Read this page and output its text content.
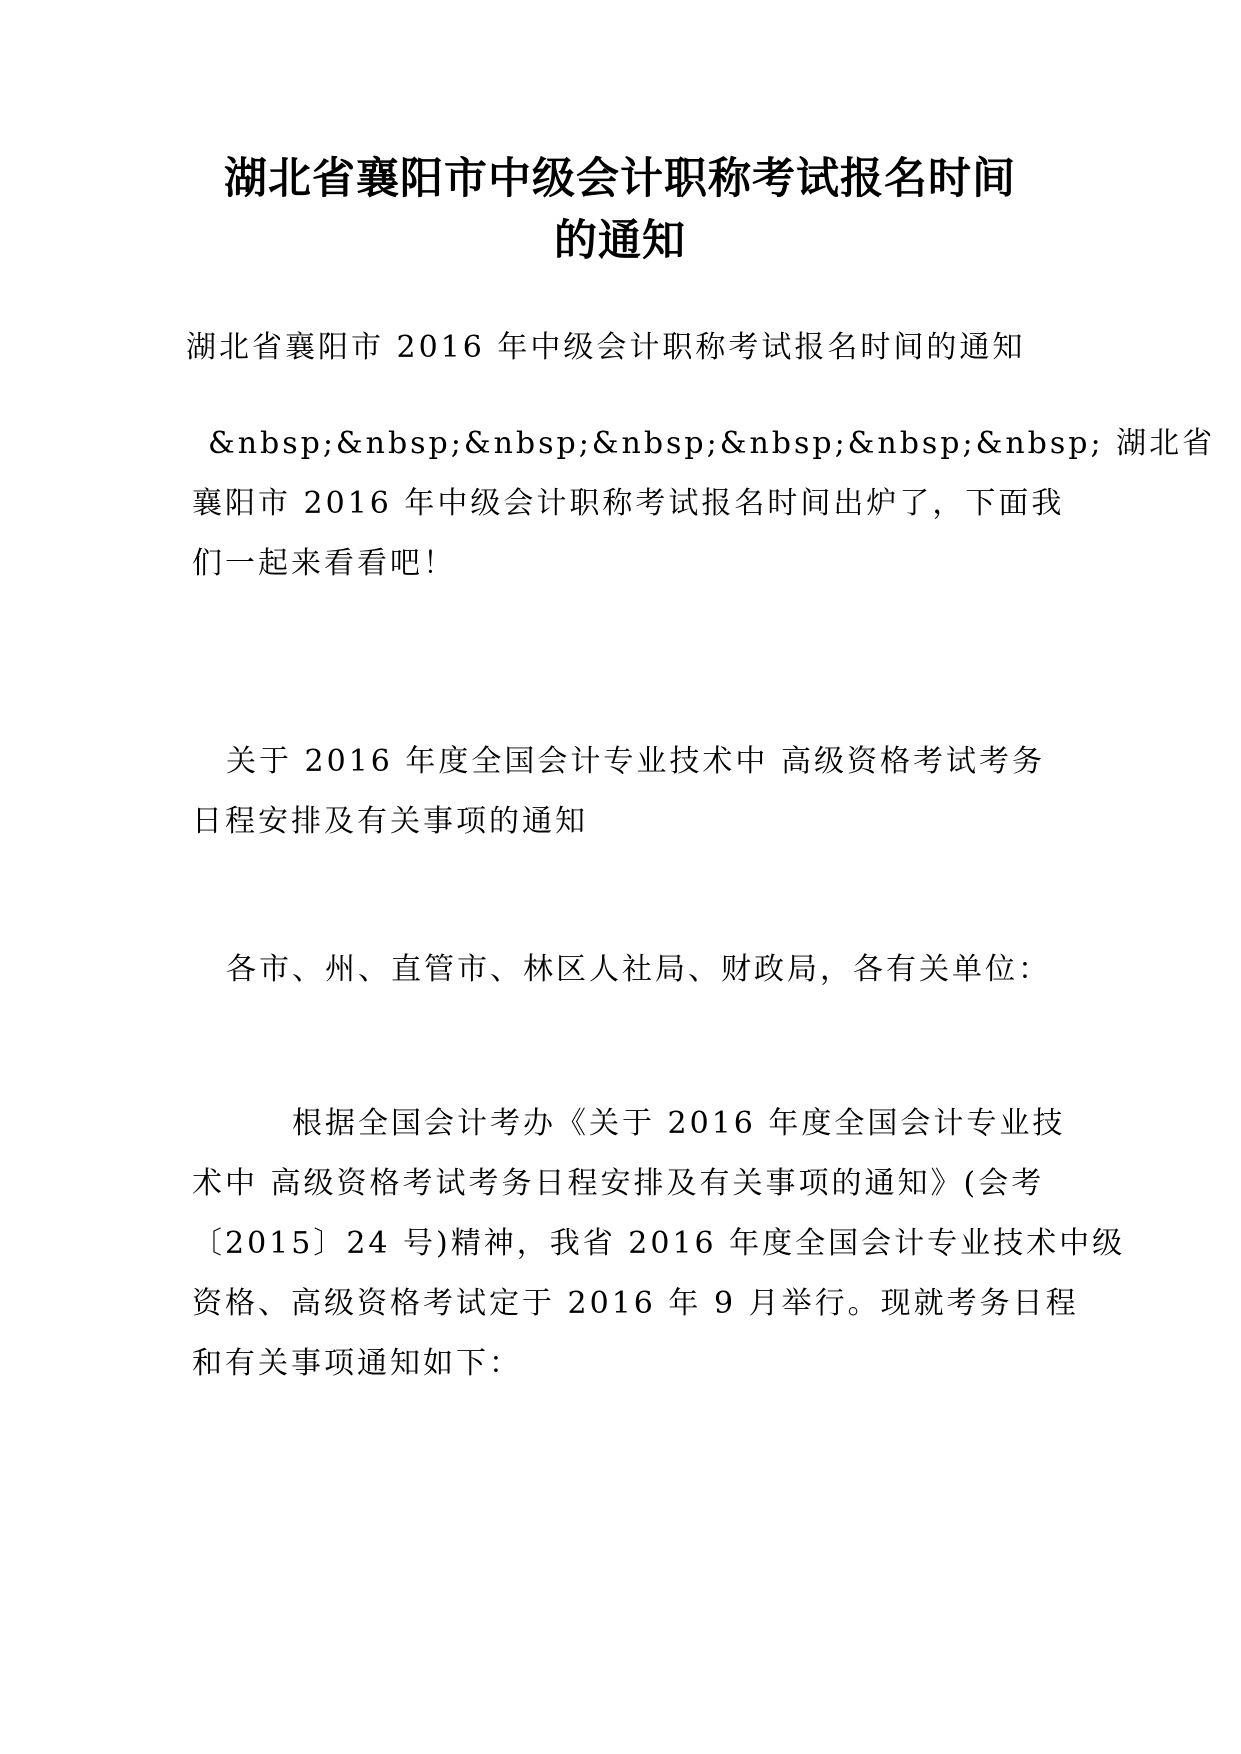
湖北省襄阳市中级会计职称考试报名时间
的通知

湖北省襄阳市 2016 年中级会计职称考试报名时间的通知

&nbsp;&nbsp;&nbsp;&nbsp;&nbsp;&nbsp;&nbsp; 湖北省
襄阳市 2016 年中级会计职称考试报名时间出炉了，下面我
们一起来看看吧！

关于 2016 年度全国会计专业技术中 高级资格考试考务
日程安排及有关事项的通知

各市、州、直管市、林区人社局、财政局，各有关单位：

根据全国会计考办《关于 2016 年度全国会计专业技
术中 高级资格考试考务日程安排及有关事项的通知》(会考
〔2015〕24 号)精神，我省 2016 年度全国会计专业技术中级
资格、高级资格考试定于 2016 年 9 月举行。现就考务日程
和有关事项通知如下：
